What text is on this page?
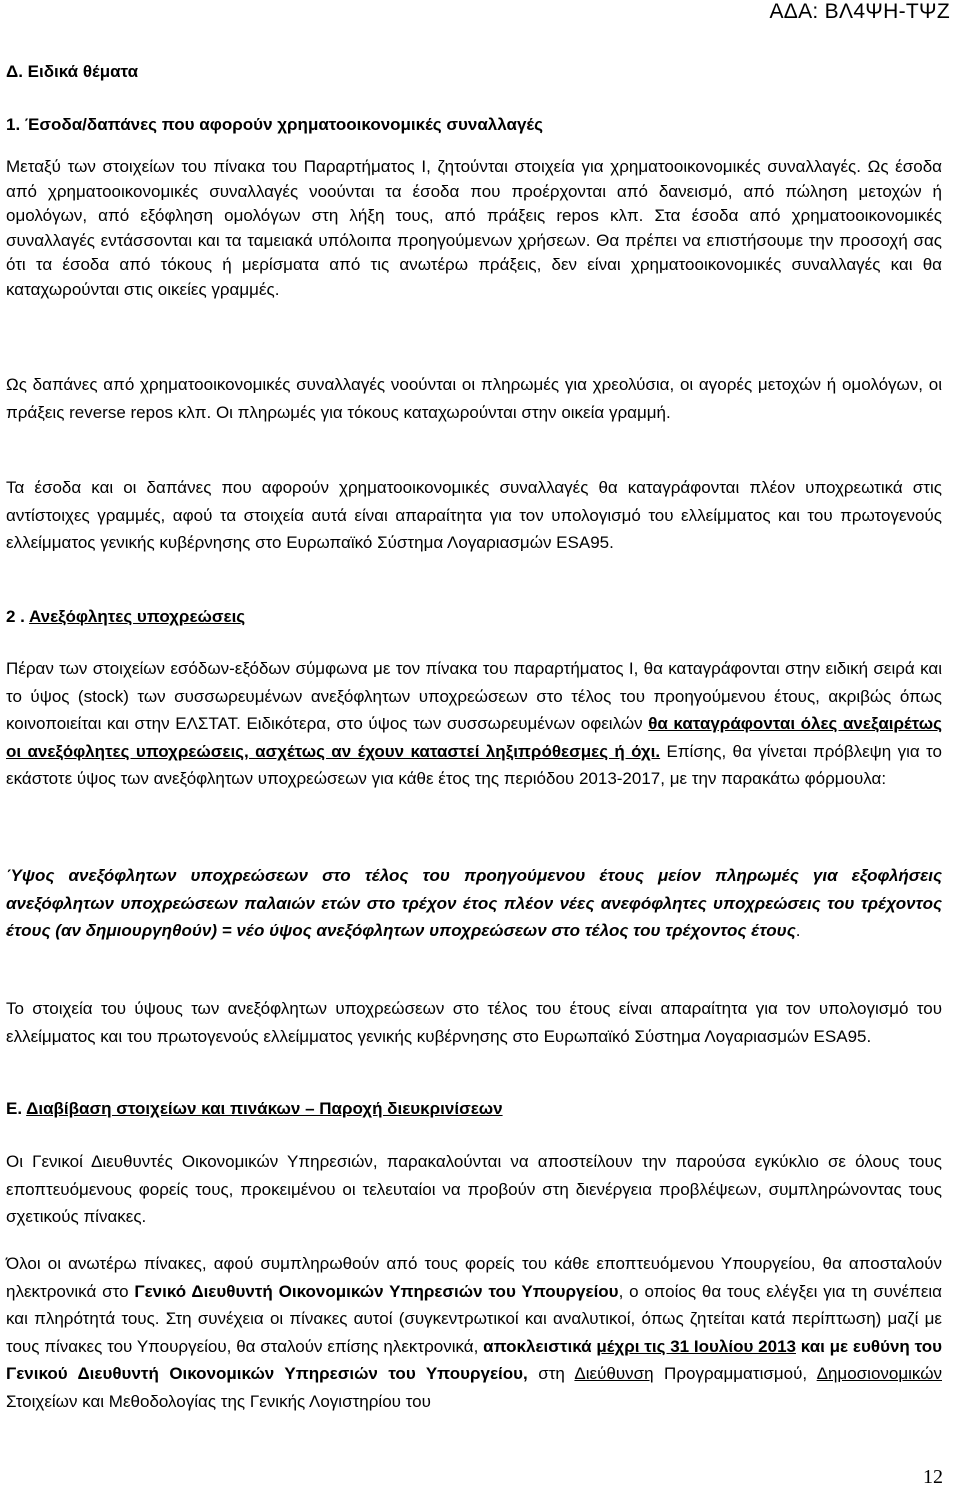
ΑΔΑ: ΒΛ4ΨΗ-ΤΨΖ
Δ. Ειδικά θέματα
1. Έσοδα/δαπάνες που αφορούν χρηματοοικονομικές συναλλαγές
Μεταξύ των στοιχείων του πίνακα του Παραρτήματος Ι, ζητούνται στοιχεία για χρηματοοικονομικές συναλλαγές. Ως έσοδα από χρηματοοικονομικές συναλλαγές νοούνται τα έσοδα που προέρχονται από δανεισμό, από πώληση μετοχών ή ομολόγων, από εξόφληση ομολόγων στη λήξη τους, από πράξεις repos κλπ. Στα έσοδα από χρηματοοικονομικές συναλλαγές εντάσσονται και τα ταμειακά υπόλοιπα προηγούμενων χρήσεων. Θα πρέπει να επιστήσουμε την προσοχή σας ότι τα έσοδα από τόκους ή μερίσματα από τις ανωτέρω πράξεις, δεν είναι χρηματοοικονομικές συναλλαγές και θα καταχωρούνται στις οικείες γραμμές.
Ως δαπάνες από χρηματοοικονομικές συναλλαγές νοούνται οι πληρωμές για χρεολύσια, οι αγορές μετοχών ή ομολόγων, οι πράξεις reverse repos κλπ. Οι πληρωμές για τόκους καταχωρούνται στην οικεία γραμμή.
Τα έσοδα και οι δαπάνες που αφορούν χρηματοοικονομικές συναλλαγές θα καταγράφονται πλέον υποχρεωτικά στις αντίστοιχες γραμμές, αφού τα στοιχεία αυτά είναι απαραίτητα για τον υπολογισμό του ελλείμματος και του πρωτογενούς ελλείμματος γενικής κυβέρνησης στο Ευρωπαϊκό Σύστημα Λογαριασμών ESA95.
2 . Ανεξόφλητες υποχρεώσεις
Πέραν των στοιχείων εσόδων-εξόδων σύμφωνα με τον πίνακα του παραρτήματος Ι, θα καταγράφονται στην ειδική σειρά και το ύψος (stock) των συσσωρευμένων ανεξόφλητων υποχρεώσεων στο τέλος του προηγούμενου έτους, ακριβώς όπως κοινοποιείται και στην ΕΛΣΤΑΤ. Ειδικότερα, στο ύψος των συσσωρευμένων οφειλών θα καταγράφονται όλες ανεξαιρέτως οι ανεξόφλητες υποχρεώσεις, ασχέτως αν έχουν καταστεί ληξιπρόθεσμες ή όχι. Επίσης, θα γίνεται πρόβλεψη για το εκάστοτε ύψος των ανεξόφλητων υποχρεώσεων για κάθε έτος της περιόδου 2013-2017, με την παρακάτω φόρμουλα:
Ύψος ανεξόφλητων υποχρεώσεων στο τέλος του προηγούμενου έτους μείον πληρωμές για εξοφλήσεις ανεξόφλητων υποχρεώσεων παλαιών ετών στο τρέχον έτος πλέον νέες ανεφόφλητες υποχρεώσεις του τρέχοντος έτους (αν δημιουργηθούν) = νέο ύψος ανεξόφλητων υποχρεώσεων στο τέλος του τρέχοντος έτους.
Το στοιχεία του ύψους των ανεξόφλητων υποχρεώσεων στο τέλος του έτους είναι απαραίτητα για τον υπολογισμό του ελλείμματος και του πρωτογενούς ελλείμματος γενικής κυβέρνησης στο Ευρωπαϊκό Σύστημα Λογαριασμών ESA95.
Ε. Διαβίβαση στοιχείων και πινάκων – Παροχή διευκρινίσεων
Οι Γενικοί Διευθυντές Οικονομικών Υπηρεσιών, παρακαλούνται να αποστείλουν την παρούσα εγκύκλιο σε όλους τους εποπτευόμενους φορείς τους, προκειμένου οι τελευταίοι να προβούν στη διενέργεια προβλέψεων, συμπληρώνοντας τους σχετικούς πίνακες.
Όλοι οι ανωτέρω πίνακες, αφού συμπληρωθούν από τους φορείς του κάθε εποπτευόμενου Υπουργείου, θα αποσταλούν ηλεκτρονικά στο Γενικό Διευθυντή Οικονομικών Υπηρεσιών του Υπουργείου, ο οποίος θα τους ελέγξει για τη συνέπεια και πληρότητά τους. Στη συνέχεια οι πίνακες αυτοί (συγκεντρωτικοί και αναλυτικοί, όπως ζητείται κατά περίπτωση) μαζί με τους πίνακες του Υπουργείου, θα σταλούν επίσης ηλεκτρονικά, αποκλειστικά μέχρι τις 31 Ιουλίου 2013 και με ευθύνη του Γενικού Διευθυντή Οικονομικών Υπηρεσιών του Υπουργείου, στη Διεύθυνση Προγραμματισμού, Δημοσιονομικών Στοιχείων και Μεθοδολογίας της Γενικής Λογιστηρίου του
12
